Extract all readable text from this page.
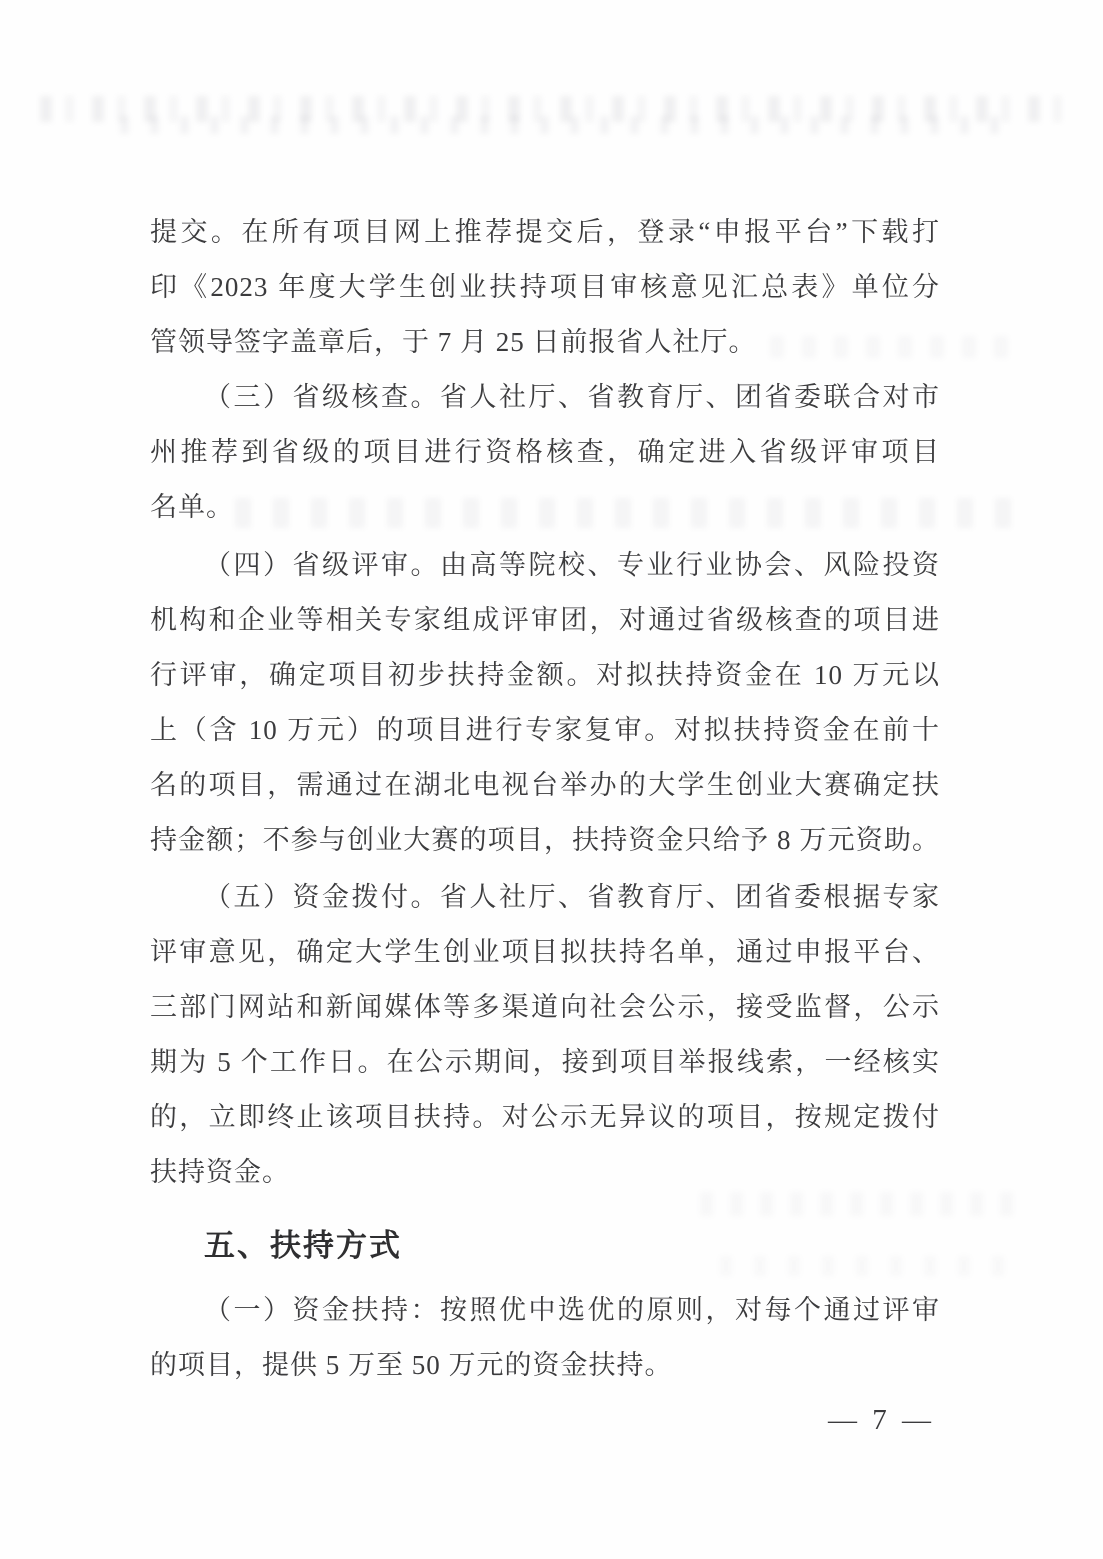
提交。在所有项目网上推荐提交后，登录“申报平台”下载打
印《2023 年度大学生创业扶持项目审核意见汇总表》单位分
管领导签字盖章后，于 7 月 25 日前报省人社厅。
（三）省级核查。省人社厅、省教育厅、团省委联合对市
州推荐到省级的项目进行资格核查，确定进入省级评审项目
名单。
（四）省级评审。由高等院校、专业行业协会、风险投资
机构和企业等相关专家组成评审团，对通过省级核查的项目进
行评审，确定项目初步扶持金额。对拟扶持资金在 10 万元以
上（含 10 万元）的项目进行专家复审。对拟扶持资金在前十
名的项目，需通过在湖北电视台举办的大学生创业大赛确定扶
持金额；不参与创业大赛的项目，扶持资金只给予 8 万元资助。
（五）资金拨付。省人社厅、省教育厅、团省委根据专家
评审意见，确定大学生创业项目拟扶持名单，通过申报平台、
三部门网站和新闻媒体等多渠道向社会公示，接受监督，公示
期为 5 个工作日。在公示期间，接到项目举报线索，一经核实
的，立即终止该项目扶持。对公示无异议的项目，按规定拨付
扶持资金。
五、扶持方式
（一）资金扶持：按照优中选优的原则，对每个通过评审
的项目，提供 5 万至 50 万元的资金扶持。
— 7 —
